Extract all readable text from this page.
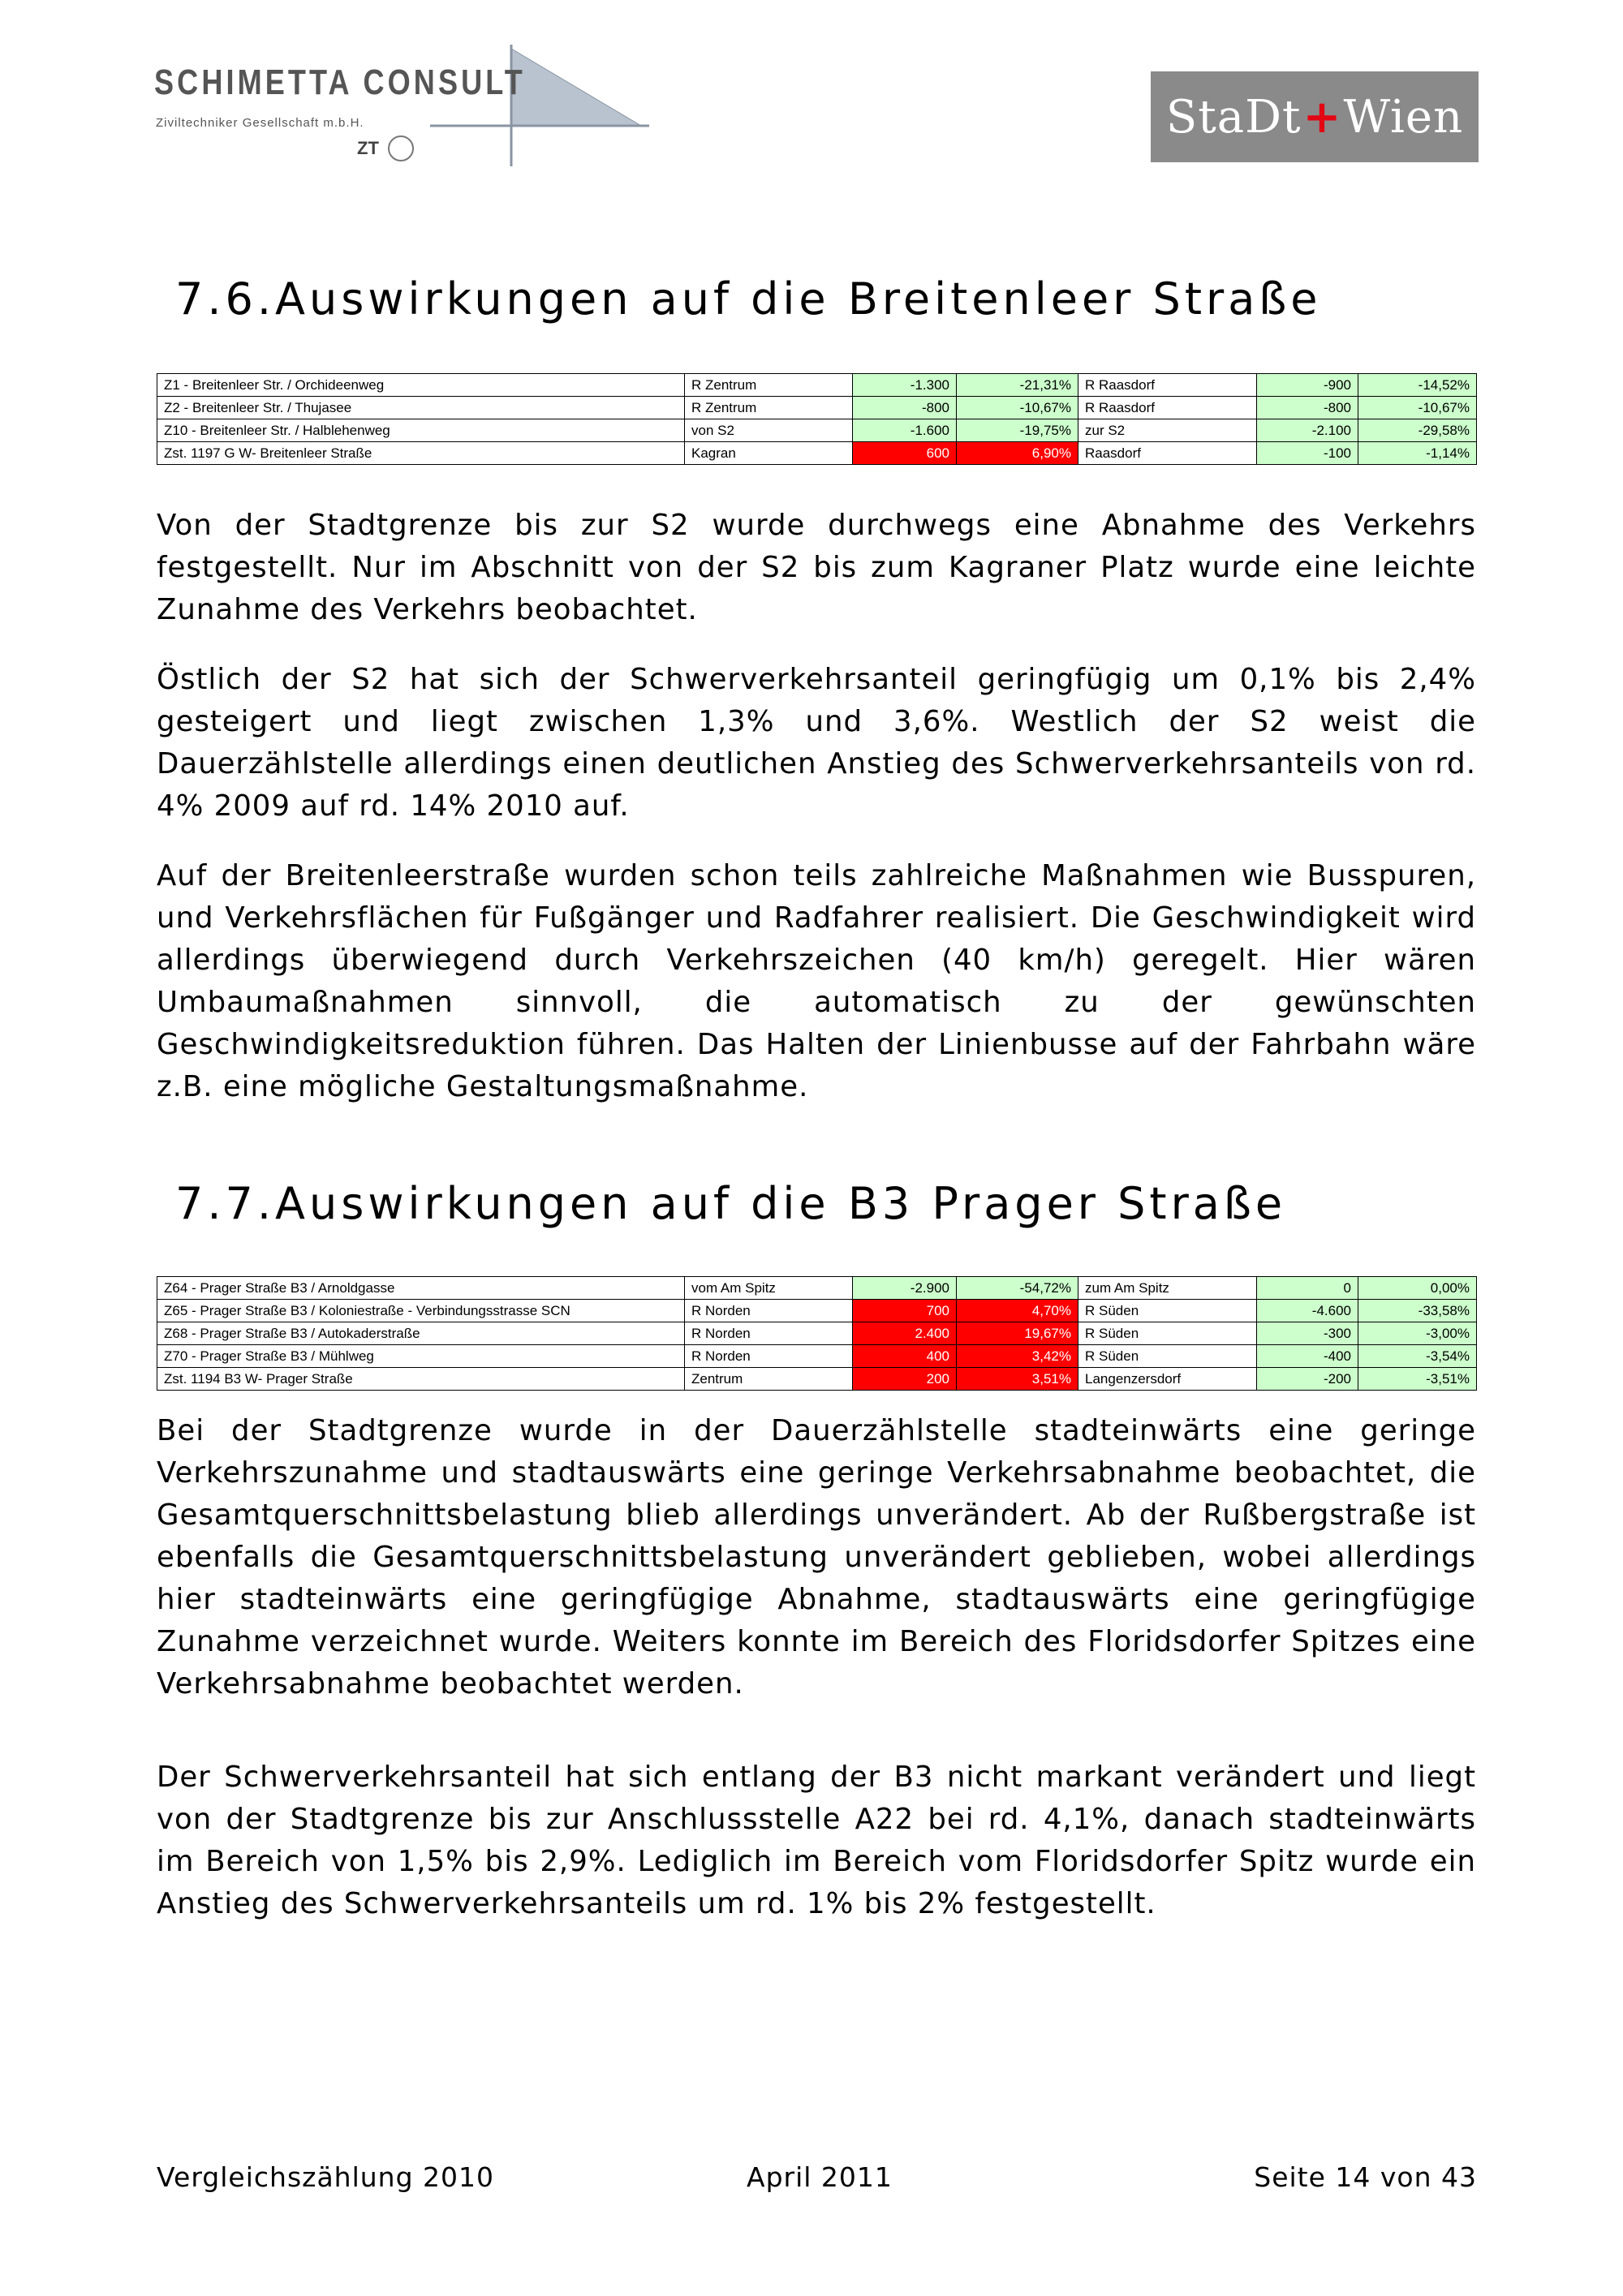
SCHIMETTA CONSULT
Ziviltechniker Gesellschaft m.b.H.
ZT
StaDt + Wien
7.6.Auswirkungen auf die Breitenleer Straße
Z1 - Breitenleer Str. / Orchideenweg	R Zentrum	-1.300	-21,31%	R Raasdorf	-900	-14,52%
Z2 - Breitenleer Str. / Thujasee	R Zentrum	-800	-10,67%	R Raasdorf	-800	-10,67%
Z10 - Breitenleer Str. / Halblehenweg	von S2	-1.600	-19,75%	zur S2	-2.100	-29,58%
Zst. 1197 G W- Breitenleer Straße	Kagran	600	6,90%	Raasdorf	-100	-1,14%

Von der Stadtgrenze bis zur S2 wurde durchwegs eine Abnahme des Verkehrs festgestellt. Nur im Abschnitt von der S2 bis zum Kagraner Platz wurde eine leichte Zunahme des Verkehrs beobachtet.

Östlich der S2 hat sich der Schwerverkehrsanteil geringfügig um 0,1% bis 2,4% gesteigert und liegt zwischen 1,3% und 3,6%. Westlich der S2 weist die Dauerzählstelle allerdings einen deutlichen Anstieg des Schwerverkehrsanteils von rd. 4% 2009 auf rd. 14% 2010 auf.

Auf der Breitenleerstraße wurden schon teils zahlreiche Maßnahmen wie Busspuren, und Verkehrsflächen für Fußgänger und Radfahrer realisiert. Die Geschwindigkeit wird allerdings überwiegend durch Verkehrszeichen (40 km/h) geregelt. Hier wären Umbaumaßnahmen sinnvoll, die automatisch zu der gewünschten Geschwindigkeitsreduktion führen. Das Halten der Linienbusse auf der Fahrbahn wäre z.B. eine mögliche Gestaltungsmaßnahme.

7.7.Auswirkungen auf die B3 Prager Straße
Z64 - Prager Straße B3 / Arnoldgasse	vom Am Spitz	-2.900	-54,72%	zum Am Spitz	0	0,00%
Z65 - Prager Straße B3 / Koloniestraße - Verbindungsstrasse SCN	R Norden	700	4,70%	R Süden	-4.600	-33,58%
Z68 - Prager Straße B3 / Autokaderstraße	R Norden	2.400	19,67%	R Süden	-300	-3,00%
Z70 - Prager Straße B3 / Mühlweg	R Norden	400	3,42%	R Süden	-400	-3,54%
Zst. 1194 B3 W- Prager Straße	Zentrum	200	3,51%	Langenzersdorf	-200	-3,51%

Bei der Stadtgrenze wurde in der Dauerzählstelle stadteinwärts eine geringe Verkehrszunahme und stadtauswärts eine geringe Verkehrsabnahme beobachtet, die Gesamtquerschnittsbelastung blieb allerdings unverändert. Ab der Rußbergstraße ist ebenfalls die Gesamtquerschnittsbelastung unverändert geblieben, wobei allerdings hier stadteinwärts eine geringfügige Abnahme, stadtauswärts eine geringfügige Zunahme verzeichnet wurde. Weiters konnte im Bereich des Floridsdorfer Spitzes eine Verkehrsabnahme beobachtet werden.

Der Schwerverkehrsanteil hat sich entlang der B3 nicht markant verändert und liegt von der Stadtgrenze bis zur Anschlussstelle A22 bei rd. 4,1%, danach stadteinwärts im Bereich von 1,5% bis 2,9%. Lediglich im Bereich vom Floridsdorfer Spitz wurde ein Anstieg des Schwerverkehrsanteils um rd. 1% bis 2% festgestellt.

Vergleichszählung 2010	April 2011	Seite 14 von 43
